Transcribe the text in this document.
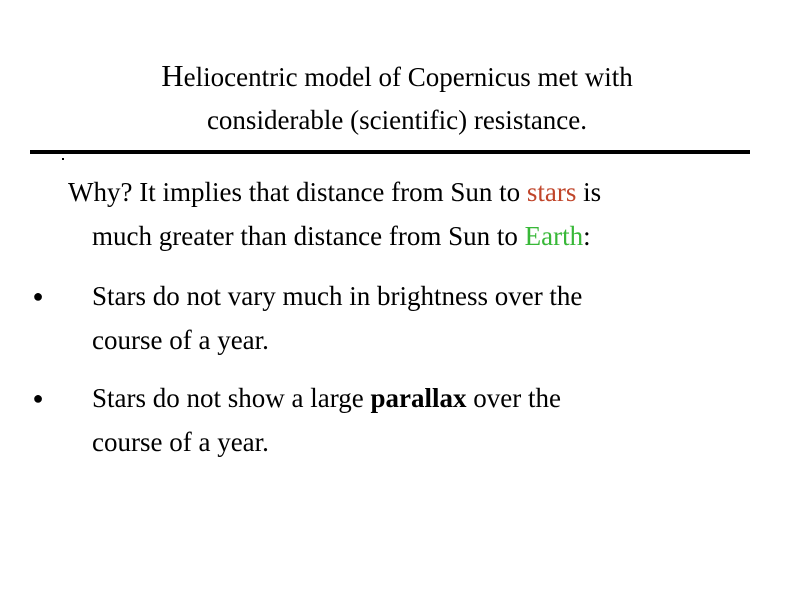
Heliocentric model of Copernicus met with
considerable (scientific) resistance.
Why? It implies that distance from Sun to stars is
much greater than distance from Sun to Earth:
● Stars do not vary much in brightness over the
course of a year.
● Stars do not show a large parallax over the
course of a year.
